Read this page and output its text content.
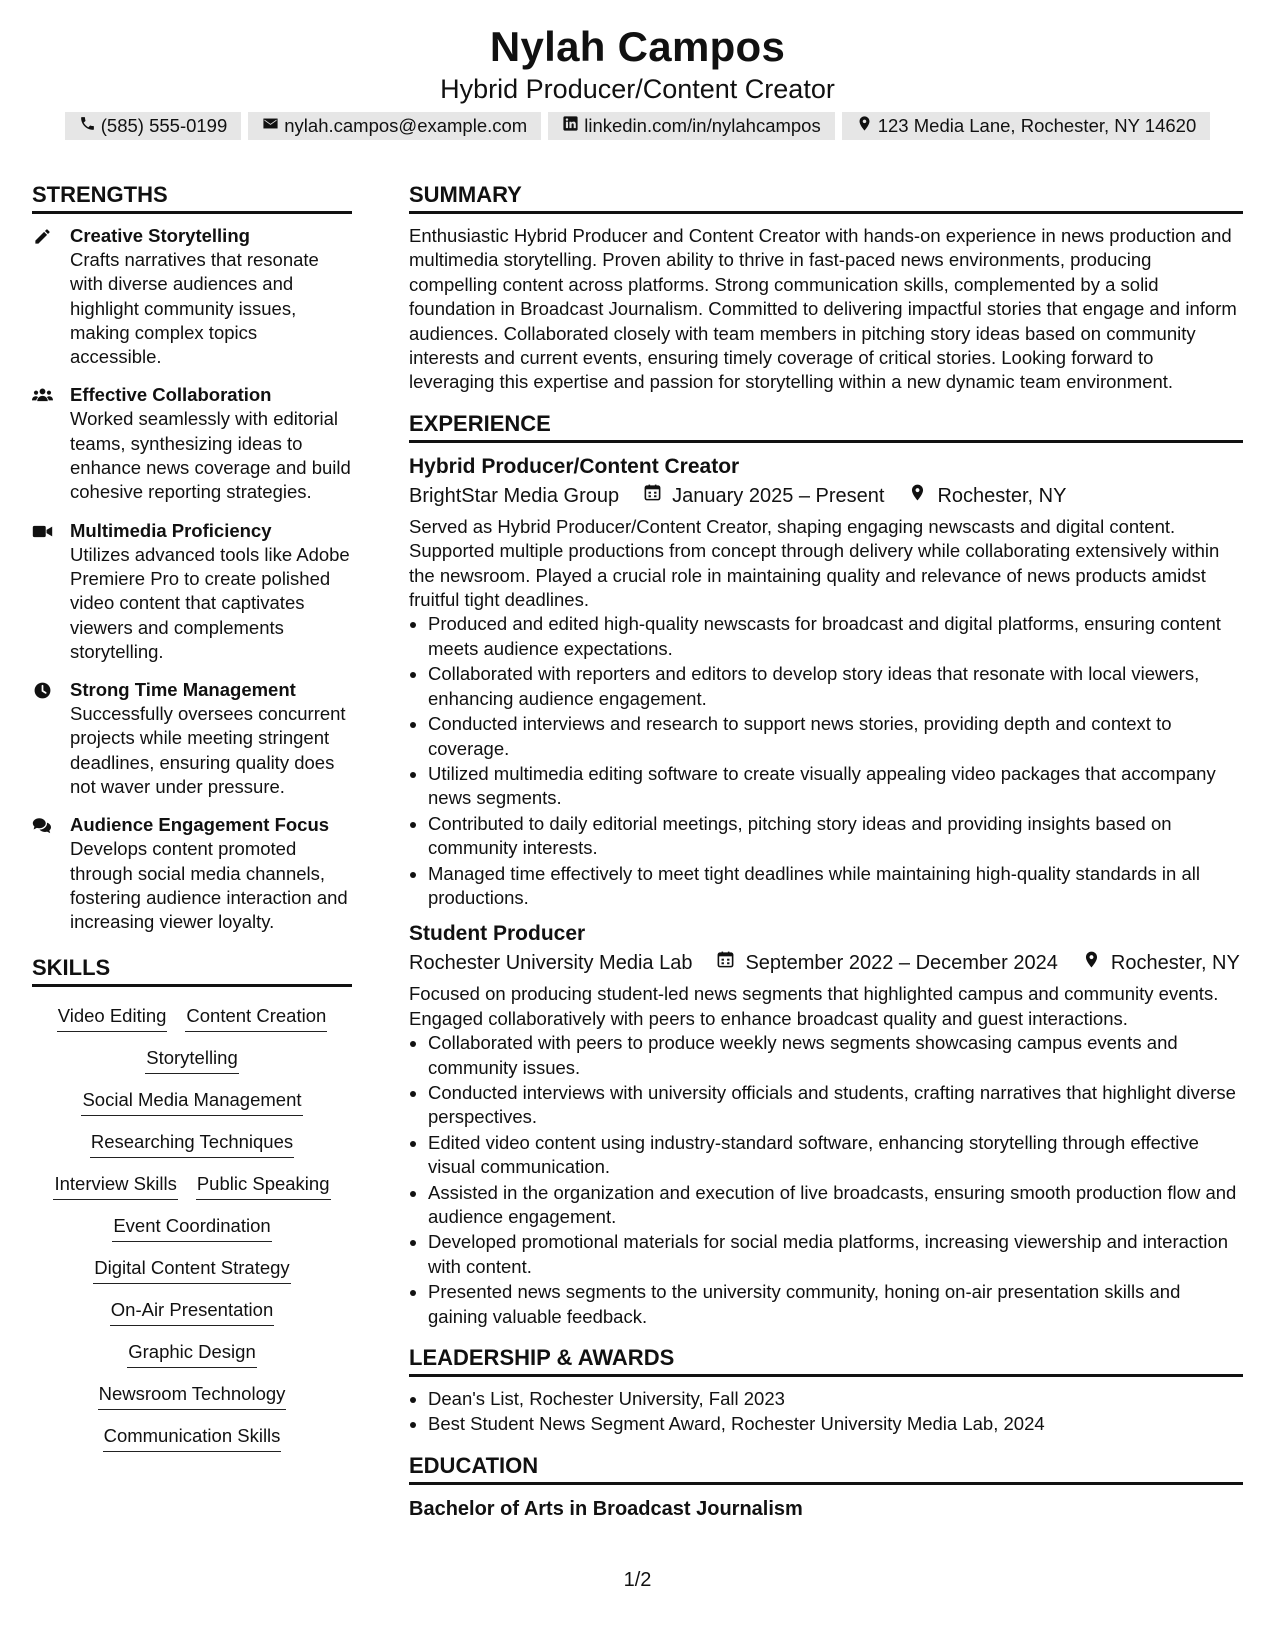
Nylah Campos
Hybrid Producer/Content Creator
(585) 555-0199	nylah.campos@example.com	linkedin.com/in/nylahcampos	123 Media Lane, Rochester, NY 14620
STRENGTHS
Creative Storytelling
Crafts narratives that resonate with diverse audiences and highlight community issues, making complex topics accessible.
Effective Collaboration
Worked seamlessly with editorial teams, synthesizing ideas to enhance news coverage and build cohesive reporting strategies.
Multimedia Proficiency
Utilizes advanced tools like Adobe Premiere Pro to create polished video content that captivates viewers and complements storytelling.
Strong Time Management
Successfully oversees concurrent projects while meeting stringent deadlines, ensuring quality does not waver under pressure.
Audience Engagement Focus
Develops content promoted through social media channels, fostering audience interaction and increasing viewer loyalty.
SKILLS
Video Editing Content Creation
Storytelling
Social Media Management
Researching Techniques
Interview Skills Public Speaking
Event Coordination
Digital Content Strategy
On-Air Presentation
Graphic Design
Newsroom Technology
Communication Skills
SUMMARY
Enthusiastic Hybrid Producer and Content Creator with hands-on experience in news production and multimedia storytelling. Proven ability to thrive in fast-paced news environments, producing compelling content across platforms. Strong communication skills, complemented by a solid foundation in Broadcast Journalism. Committed to delivering impactful stories that engage and inform audiences. Collaborated closely with team members in pitching story ideas based on community interests and current events, ensuring timely coverage of critical stories. Looking forward to leveraging this expertise and passion for storytelling within a new dynamic team environment.
EXPERIENCE
Hybrid Producer/Content Creator
BrightStar Media Group	January 2025 – Present	Rochester, NY
Served as Hybrid Producer/Content Creator, shaping engaging newscasts and digital content. Supported multiple productions from concept through delivery while collaborating extensively within the newsroom. Played a crucial role in maintaining quality and relevance of news products amidst fruitful tight deadlines.
• Produced and edited high-quality newscasts for broadcast and digital platforms, ensuring content meets audience expectations.
• Collaborated with reporters and editors to develop story ideas that resonate with local viewers, enhancing audience engagement.
• Conducted interviews and research to support news stories, providing depth and context to coverage.
• Utilized multimedia editing software to create visually appealing video packages that accompany news segments.
• Contributed to daily editorial meetings, pitching story ideas and providing insights based on community interests.
• Managed time effectively to meet tight deadlines while maintaining high-quality standards in all productions.
Student Producer
Rochester University Media Lab	September 2022 – December 2024	Rochester, NY
Focused on producing student-led news segments that highlighted campus and community events. Engaged collaboratively with peers to enhance broadcast quality and guest interactions.
• Collaborated with peers to produce weekly news segments showcasing campus events and community issues.
• Conducted interviews with university officials and students, crafting narratives that highlight diverse perspectives.
• Edited video content using industry-standard software, enhancing storytelling through effective visual communication.
• Assisted in the organization and execution of live broadcasts, ensuring smooth production flow and audience engagement.
• Developed promotional materials for social media platforms, increasing viewership and interaction with content.
• Presented news segments to the university community, honing on-air presentation skills and gaining valuable feedback.
LEADERSHIP & AWARDS
• Dean's List, Rochester University, Fall 2023
• Best Student News Segment Award, Rochester University Media Lab, 2024
EDUCATION
Bachelor of Arts in Broadcast Journalism
1/2
